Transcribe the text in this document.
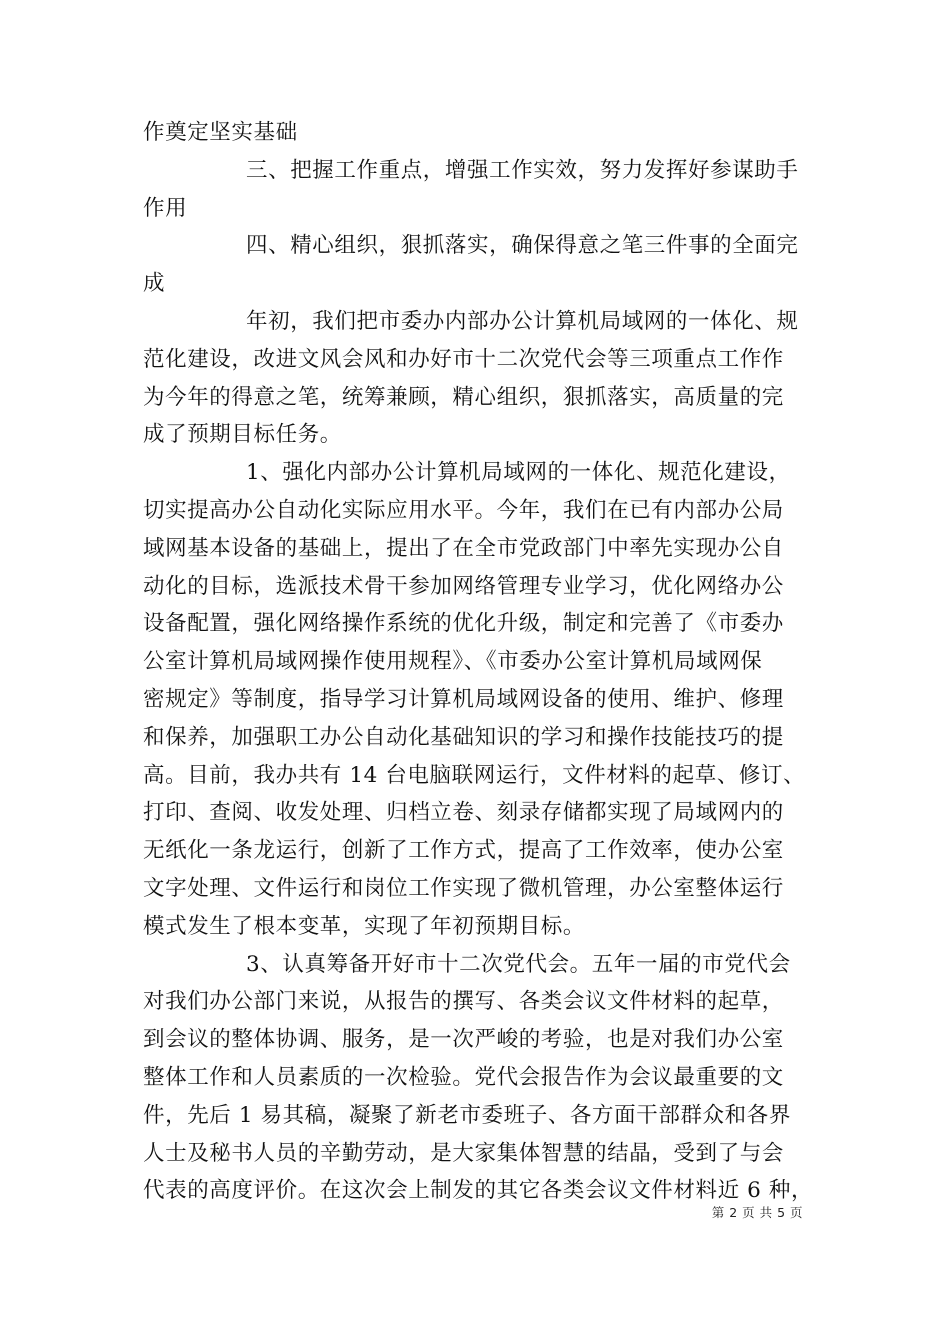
作奠定坚实基础
三、把握工作重点，增强工作实效，努力发挥好参谋助手
作用
四、精心组织，狠抓落实，确保得意之笔三件事的全面完
成
年初，我们把市委办内部办公计算机局域网的一体化、规
范化建设，改进文风会风和办好市十二次党代会等三项重点工作作
为今年的得意之笔，统筹兼顾，精心组织，狠抓落实，高质量的完
成了预期目标任务。
1、强化内部办公计算机局域网的一体化、规范化建设，
切实提高办公自动化实际应用水平。今年，我们在已有内部办公局
域网基本设备的基础上，提出了在全市党政部门中率先实现办公自
动化的目标，选派技术骨干参加网络管理专业学习，优化网络办公
设备配置，强化网络操作系统的优化升级，制定和完善了《市委办
公室计算机局域网操作使用规程》、《市委办公室计算机局域网保
密规定》等制度，指导学习计算机局域网设备的使用、维护、修理
和保养，加强职工办公自动化基础知识的学习和操作技能技巧的提
高。目前，我办共有 14 台电脑联网运行，文件材料的起草、修订、
打印、查阅、收发处理、归档立卷、刻录存储都实现了局域网内的
无纸化一条龙运行，创新了工作方式，提高了工作效率，使办公室
文字处理、文件运行和岗位工作实现了微机管理，办公室整体运行
模式发生了根本变革，实现了年初预期目标。
3、认真筹备开好市十二次党代会。五年一届的市党代会
对我们办公部门来说，从报告的撰写、各类会议文件材料的起草，
到会议的整体协调、服务，是一次严峻的考验，也是对我们办公室
整体工作和人员素质的一次检验。党代会报告作为会议最重要的文
件，先后 1 易其稿，凝聚了新老市委班子、各方面干部群众和各界
人士及秘书人员的辛勤劳动，是大家集体智慧的结晶，受到了与会
代表的高度评价。在这次会上制发的其它各类会议文件材料近 6 种，
第 2 页 共 5 页
